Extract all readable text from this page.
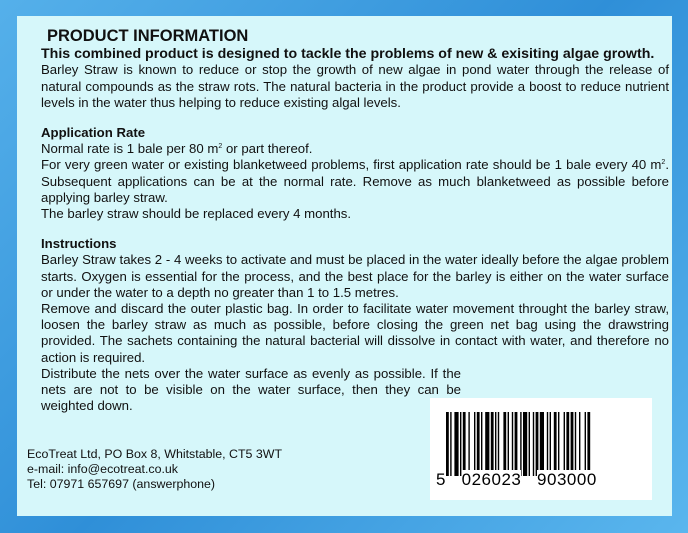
PRODUCT INFORMATION

This combined product is designed to tackle the problems of new & exisiting algae growth.

Barley Straw is known to reduce or stop the growth of new algae in pond water through the release of natural compounds as the straw rots. The natural bacteria in the product provide a boost to reduce nutrient levels in the water thus helping to reduce existing algal levels.

Application Rate

Normal rate is 1 bale per 80 $m^2$ or part thereof.

For very green water or existing blanketweed problems, first application rate should be 1 bale every 40 $m^2$. Subsequent applications can be at the normal rate. Remove as much blanketweed as possible before applying barley straw.

The barley straw should be replaced every 4 months.

Instructions

Barley Straw takes 2 - 4 weeks to activate and must be placed in the water ideally before the algae problem starts. Oxygen is essential for the process, and the best place for the barley is either on the water surface or under the water to a depth no greater than 1 to 1.5 metres.

Remove and discard the outer plastic bag. In order to facilitate water movement throught the barley straw, loosen the barley straw as much as possible, before closing the green net bag using the drawstring provided. The sachets containing the natural bacterial will dissolve in contact with water, and therefore no action is required.

Distribute the nets over the water surface as evenly as possible. If the nets are not to be visible on the water surface, then they can be weighted down.

EcoTreat Ltd, PO Box 8, Whitstable, CT5 3WT
e-mail: info@ecotreat.co.uk
Tel: 07971 657697 (answerphone)	5 026023 903000
